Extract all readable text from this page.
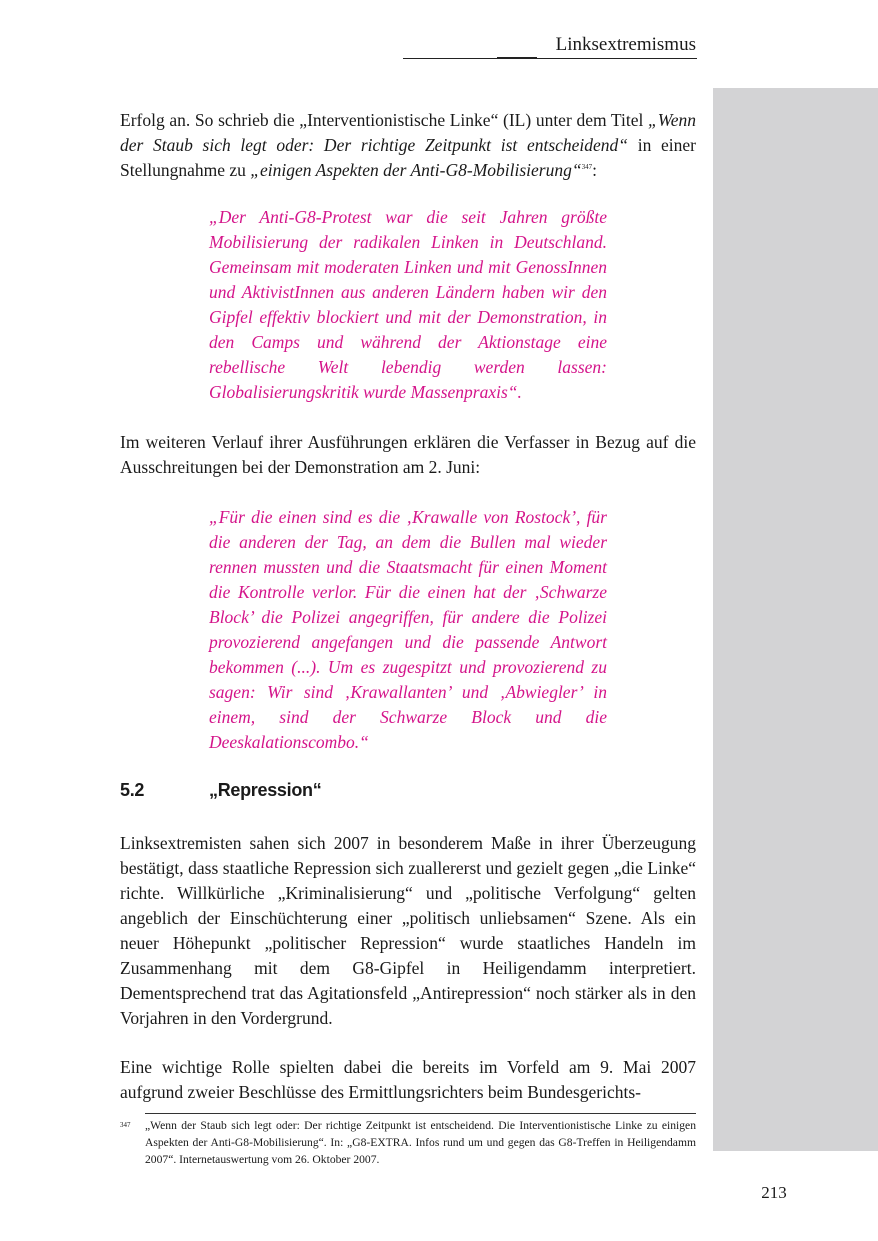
Linksextremismus

Erfolg an. So schrieb die „Interventionistische Linke“ (IL) unter dem Titel „Wenn der Staub sich legt oder: Der richtige Zeitpunkt ist entscheidend“ in einer Stellungnahme zu „einigen Aspekten der Anti-G8-Mobilisierung“$^{347}$:

„Der Anti-G8-Protest war die seit Jahren größte Mobilisierung der radikalen Linken in Deutschland. Gemeinsam mit moderaten Linken und mit GenossInnen und AktivistInnen aus anderen Ländern haben wir den Gipfel effektiv blockiert und mit der Demonstration, in den Camps und während der Aktionstage eine rebellische Welt lebendig werden lassen: Globalisierungskritik wurde Massenpraxis“.

Im weiteren Verlauf ihrer Ausführungen erklären die Verfasser in Bezug auf die Ausschreitungen bei der Demonstration am 2. Juni:

„Für die einen sind es die ‚Krawalle von Rostock’, für die anderen der Tag, an dem die Bullen mal wieder rennen mussten und die Staatsmacht für einen Moment die Kontrolle verlor. Für die einen hat der ‚Schwarze Block’ die Polizei angegriffen, für andere die Polizei provozierend angefangen und die passende Antwort bekommen (...). Um es zugespitzt und provozierend zu sagen: Wir sind ‚Krawallanten’ und ‚Abwiegler’ in einem, sind der Schwarze Block und die Deeskalationscombo.“

5.2	„Repression“

Linksextremisten sahen sich 2007 in besonderem Maße in ihrer Überzeugung bestätigt, dass staatliche Repression sich zuallererst und gezielt gegen „die Linke“ richte. Willkürliche „Kriminalisierung“ und „politische Verfolgung“ gelten angeblich der Einschüchterung einer „politisch unliebsamen“ Szene. Als ein neuer Höhepunkt „politischer Repression“ wurde staatliches Handeln im Zusammenhang mit dem G8-Gipfel in Heiligendamm interpretiert. Dementsprechend trat das Agitationsfeld „Antirepression“ noch stärker als in den Vorjahren in den Vordergrund.

Eine wichtige Rolle spielten dabei die bereits im Vorfeld am 9. Mai 2007 aufgrund zweier Beschlüsse des Ermittlungsrichters beim Bundesgerichts-

347 „Wenn der Staub sich legt oder: Der richtige Zeitpunkt ist entscheidend. Die Interventionistische Linke zu einigen Aspekten der Anti-G8-Mobilisierung“. In: „G8-EXTRA. Infos rund um und gegen das G8-Treffen in Heiligendamm 2007“. Internetauswertung vom 26. Oktober 2007.

213
